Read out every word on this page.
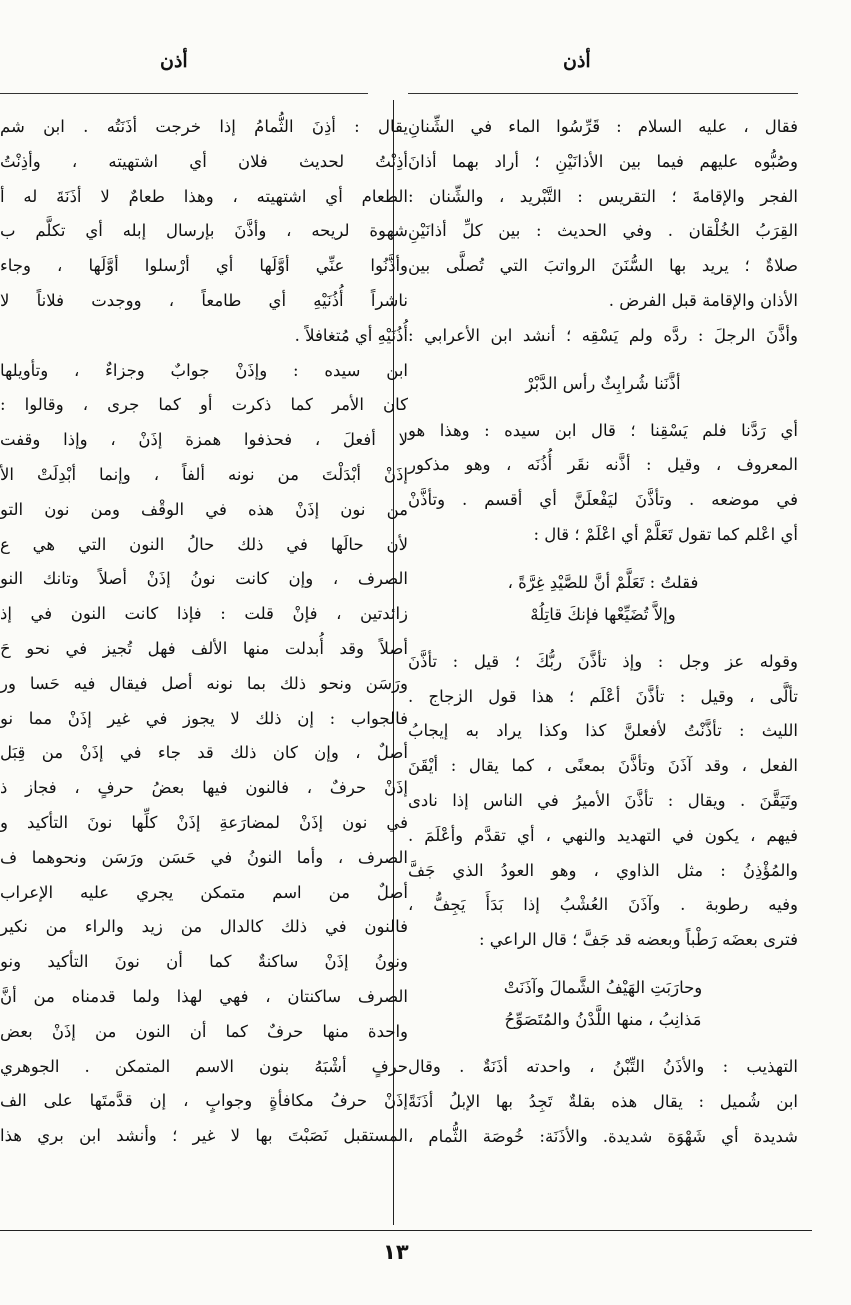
أذن
أذن
فقال ، عليه السلام : قَرِّسُوا الماء في الشِّنانِ
وصُبُّوه عليهم فيما بين الأذانَيْنِ ؛ أراد بهما أذانَ
الفجر والإقامةَ ؛ التقريس : التَّبْريد ، والشِّنان :
القِرَبُ الخُلْقان . وفي الحديث : بين كلِّ أذانَيْنِ
صلاةٌ ؛ يريد بها السُّنَنَ الرواتبَ التي تُصلَّى بين
الأذان والإقامة قبل الفرض .
وأذَّنَ الرجلَ : ردَّه ولم يَسْقِه ؛ أنشد ابن الأعرابي :
أذَّنَنا شُرابِثٌ رأس الدَّبْرْ
أي رَدَّنا فلم يَسْقِنا ؛ قال ابن سيده : وهذا هو
المعروف ، وقيل : أذَّنه نقَر أُذُنَه ، وهو مذكور
في موضعه . وتأذَّنَ ليَفْعلَنَّ أي أقسم . وتأذَّنْ
أي اعْلم كما تقول تَعَلَّمْ أي اعْلَمْ ؛ قال :
فقلتُ : تَعَلَّمْ أنَّ للصَّيْدِ غِرَّةً ،
وإلاَّ تُضَيِّعْها فإنكَ قاتِلُهْ
وقوله عز وجل : وإذ تأذَّنَ ربُّكَ ؛ قيل : تأذَّنَ
تألَّى ، وقيل : تأذَّنَ أعْلَم ؛ هذا قول الزجاج .
الليث : تأذَّنْتُ لأفعلنَّ كذا وكذا يراد به إيجابُ
الفعل ، وقد آذَنَ وتأذَّنَ بمعنًى ، كما يقال : أيْقَنَ
وتَيَقَّنَ . ويقال : تأذَّنَ الأميرُ في الناس إذا نادى
فيهم ، يكون في التهديد والنهي ، أي تقدَّم وأعْلَمَ .
والمُؤْذِنُ : مثل الذاوي ، وهو العودُ الذي جَفَّ
وفيه رطوبة . وآذَنَ العُشْبُ إذا بَدَأَ يَجِفُّ ،
فترى بعضَه رَطْباً وبعضه قد جَفَّ ؛ قال الراعي :
وحارَبَتِ الهَيْفُ الشَّمالَ وآذَنَتْ
مَذانِبُ ، منها اللَّدْنُ والمُتَصَوِّحُ
التهذيب : والأذَنُ التِّبْنُ ، واحدته أذَنَةٌ . وقال
ابن شُميل : يقال هذه بقلةٌ تَجِدُ بها الإبلُ أذَنَةً
شديدة أي شَهْوَة شديدة. والأذَنَة: خُوصَة الثُّمام ،
يقال : أذِنَ الثُّمامُ إذا خرجت أذَنَتُه . ابن شم
أذِنْتُ لحديث فلان أي اشتهيته ، وأذِنْتُ
الطعام أي اشتهيته ، وهذا طعامٌ لا أذَنَةَ له أ
شهوة لريحه ، وأذَّنَ بإرسال إبله أي تكلَّم ب
وأذَّنُوا عنِّي أوَّلَها أي أرْسلوا أوَّلَها ، وجاء
ناشراً أُذُنَيْهِ أي طامعاً ، ووجدت فلاناً لا
أُذُنَيْهِ أي مُتغافلاً .
ابن سيده : وإذَنْ جوابٌ وجزاءٌ ، وتأويلها
كان الأمر كما ذكرت أو كما جرى ، وقالوا :
لا أفعلَ ، فحذفوا همزة إذَنْ ، وإذا وقفت
إذَنْ أبْدَلْتَ من نونه ألفاً ، وإنما أبْدِلَتْ الأ
من نون إذَنْ هذه في الوقْف ومن نون التو
لأن حالَها في ذلك حالُ النون التي هي ع
الصرف ، وإن كانت نونُ إذَنْ أصلاً وتانك النو
زائدتين ، فإنْ قلت : فإذا كانت النون في إذ
أصلاً وقد أُبدلت منها الألف فهل تُجيز في نحو حَ
ورَسَن ونحو ذلك بما نونه أصل فيقال فيه حَسا ور
فالجواب : إن ذلك لا يجوز في غير إذَنْ مما نو
أصلٌ ، وإن كان ذلك قد جاء في إذَنْ من قِبَل
إذَنْ حرفٌ ، فالنون فيها بعضُ حرفٍ ، فجاز ذ
في نون إذَنْ لمضارَعةِ إذَنْ كلِّها نونَ التأكيد و
الصرف ، وأما النونُ في حَسَن ورَسَن ونحوهما ف
أصلٌ من اسم متمكن يجري عليه الإعراب
فالنون في ذلك كالدال من زيد والراء من نكير
ونونُ إذَنْ ساكنةٌ كما أن نونَ التأكيد ونو
الصرف ساكنتان ، فهي لهذا ولما قدمناه من أنَّ
واحدة منها حرفٌ كما أن النون من إذَنْ بعض
حرفٍ أشْبَهُ بنون الاسم المتمكن . الجوهري
إذَنْ حرفُ مكافأةٍ وجوابٍ ، إن قدَّمتَها على الف
المستقبل نَصَبْتَ بها لا غير ؛ وأنشد ابن بري هذا
١٣
